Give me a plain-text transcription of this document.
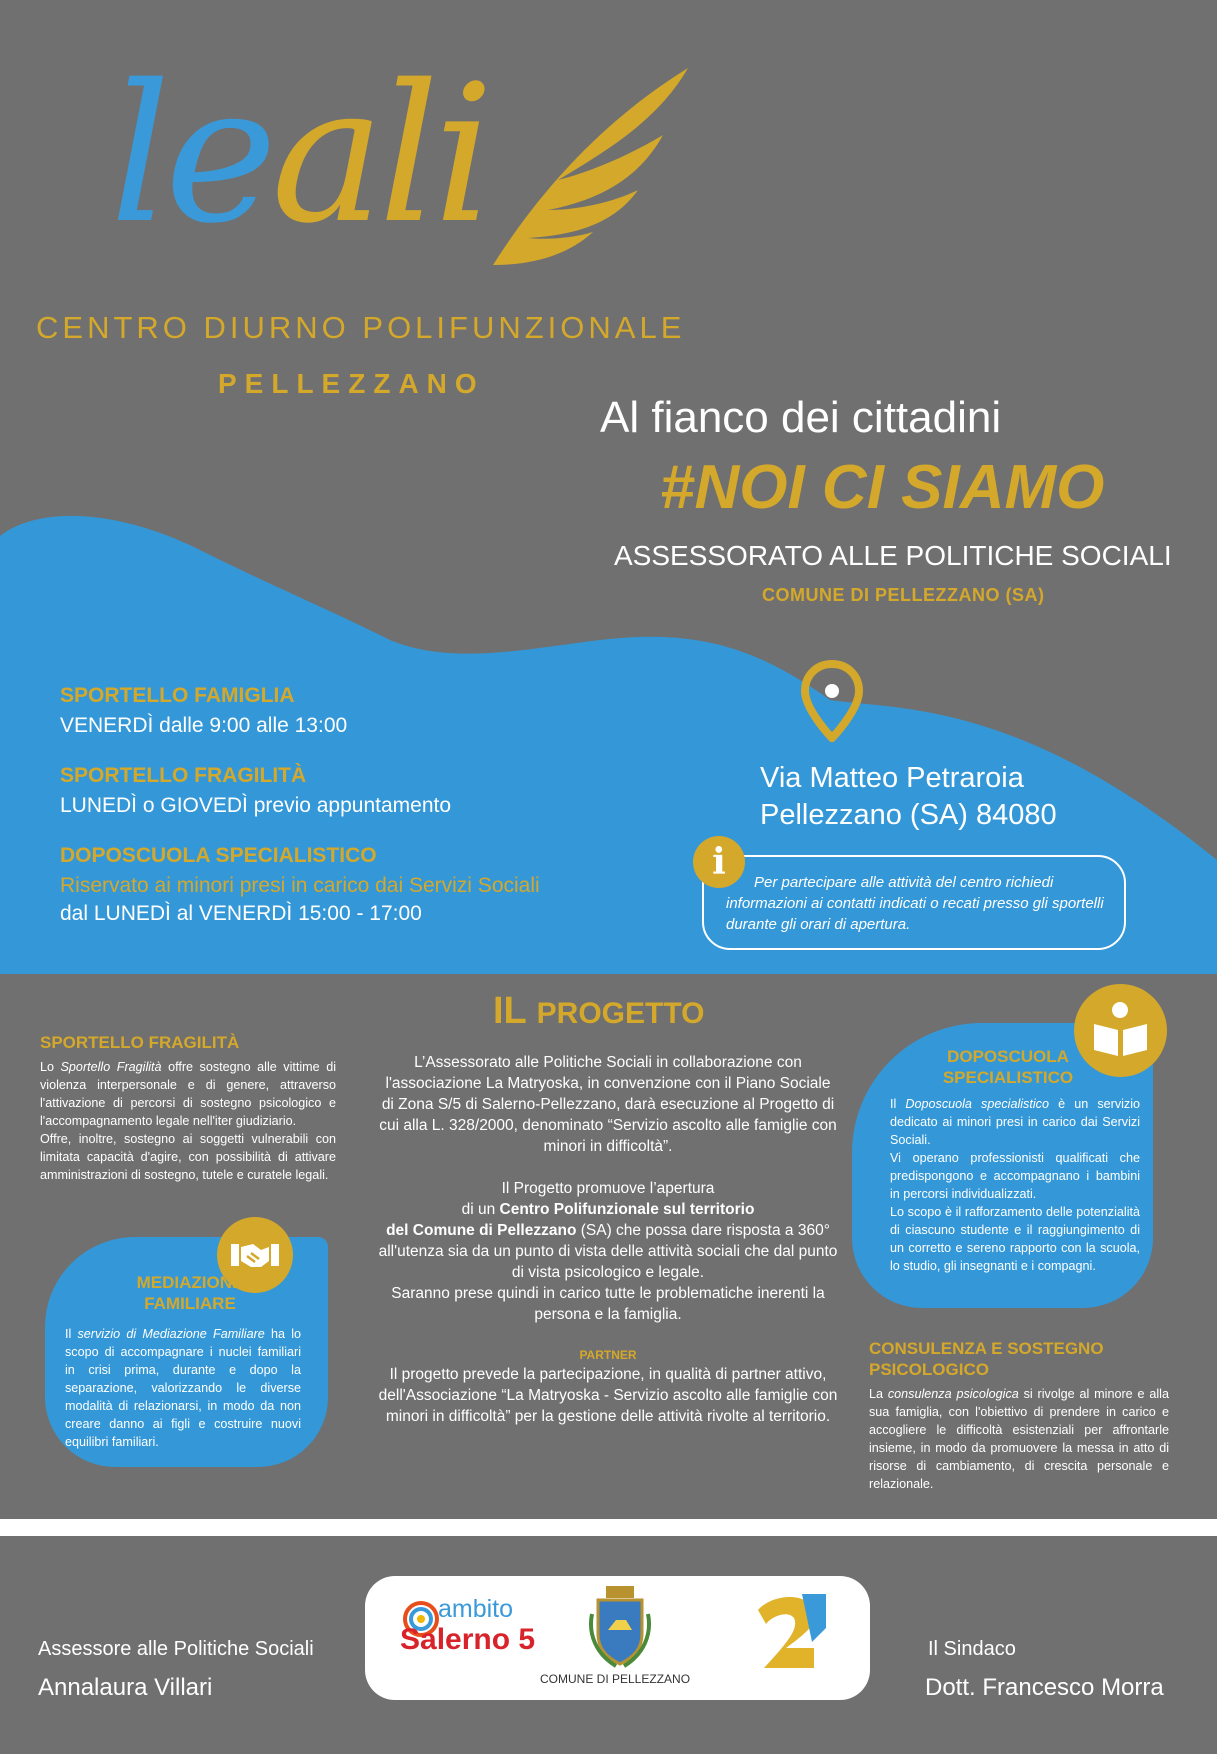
leali
CENTRO DIURNO POLIFUNZIONALE
PELLEZZANO
Al fianco dei cittadini
#NOI CI SIAMO
ASSESSORATO ALLE POLITICHE SOCIALI
COMUNE DI PELLEZZANO (SA)
SPORTELLO FAMIGLIA
VENERDÌ dalle 9:00 alle 13:00
SPORTELLO FRAGILITÀ
LUNEDÌ o GIOVEDÌ previo appuntamento
DOPOSCUOLA SPECIALISTICO
Riservato ai minori presi in carico dai Servizi Sociali
dal LUNEDÌ al VENERDÌ 15:00 - 17:00
Via Matteo Petraroia
Pellezzano (SA) 84080
i	Per partecipare alle attività del centro richiedi informazioni ai contatti indicati o recati presso gli sportelli durante gli orari di apertura.
IL PROGETTO
L’Assessorato alle Politiche Sociali in collaborazione con l'associazione La Matryoska, in convenzione con il Piano Sociale di Zona S/5 di Salerno-Pellezzano, darà esecuzione al Progetto di cui alla L. 328/2000, denominato “Servizio ascolto alle famiglie con minori in difficoltà”.
Il Progetto promuove l’apertura
di un Centro Polifunzionale sul territorio
del Comune di Pellezzano (SA) che possa dare risposta a 360° all'utenza sia da un punto di vista delle attività sociali che dal punto di vista psicologico e legale.
Saranno prese quindi in carico tutte le problematiche inerenti la persona e la famiglia.
PARTNER
Il progetto prevede la partecipazione, in qualità di partner attivo, dell'Associazione “La Matryoska - Servizio ascolto alle famiglie con minori in difficoltà” per la gestione delle attività rivolte al territorio.
SPORTELLO FRAGILITÀ
Lo Sportello Fragilità offre sostegno alle vittime di violenza interpersonale e di genere, attraverso l'attivazione di percorsi di sostegno psicologico e l'accompagnamento legale nell'iter giudiziario.
Offre, inoltre, sostegno ai soggetti vulnerabili con limitata capacità d'agire, con possibilità di attivare amministrazioni di sostegno, tutele e curatele legali.
MEDIAZIONE
FAMILIARE
Il servizio di Mediazione Familiare ha lo scopo di accompagnare i nuclei familiari in crisi prima, durante e dopo la separazione, valorizzando le diverse modalità di relazionarsi, in modo da non creare danno ai figli e costruire nuovi equilibri familiari.
DOPOSCUOLA
SPECIALISTICO
Il Doposcuola specialistico è un servizio dedicato ai minori presi in carico dai Servizi Sociali.
Vi operano professionisti qualificati che predispongono e accompagnano i bambini in percorsi individualizzati.
Lo scopo è il rafforzamento delle potenzialità di ciascuno studente e il raggiungimento di un corretto e sereno rapporto con la scuola, lo studio, gli insegnanti e i compagni.
CONSULENZA E SOSTEGNO PSICOLOGICO
La consulenza psicologica si rivolge al minore e alla sua famiglia, con l'obiettivo di prendere in carico e accogliere le difficoltà esistenziali per affrontarle insieme, in modo da promuovere la messa in atto di risorse di cambiamento, di crescita personale e relazionale.
Assessore alle Politiche Sociali
Annalaura Villari
Il Sindaco
Dott. Francesco Morra
ambito
Salerno 5
COMUNE DI PELLEZZANO
